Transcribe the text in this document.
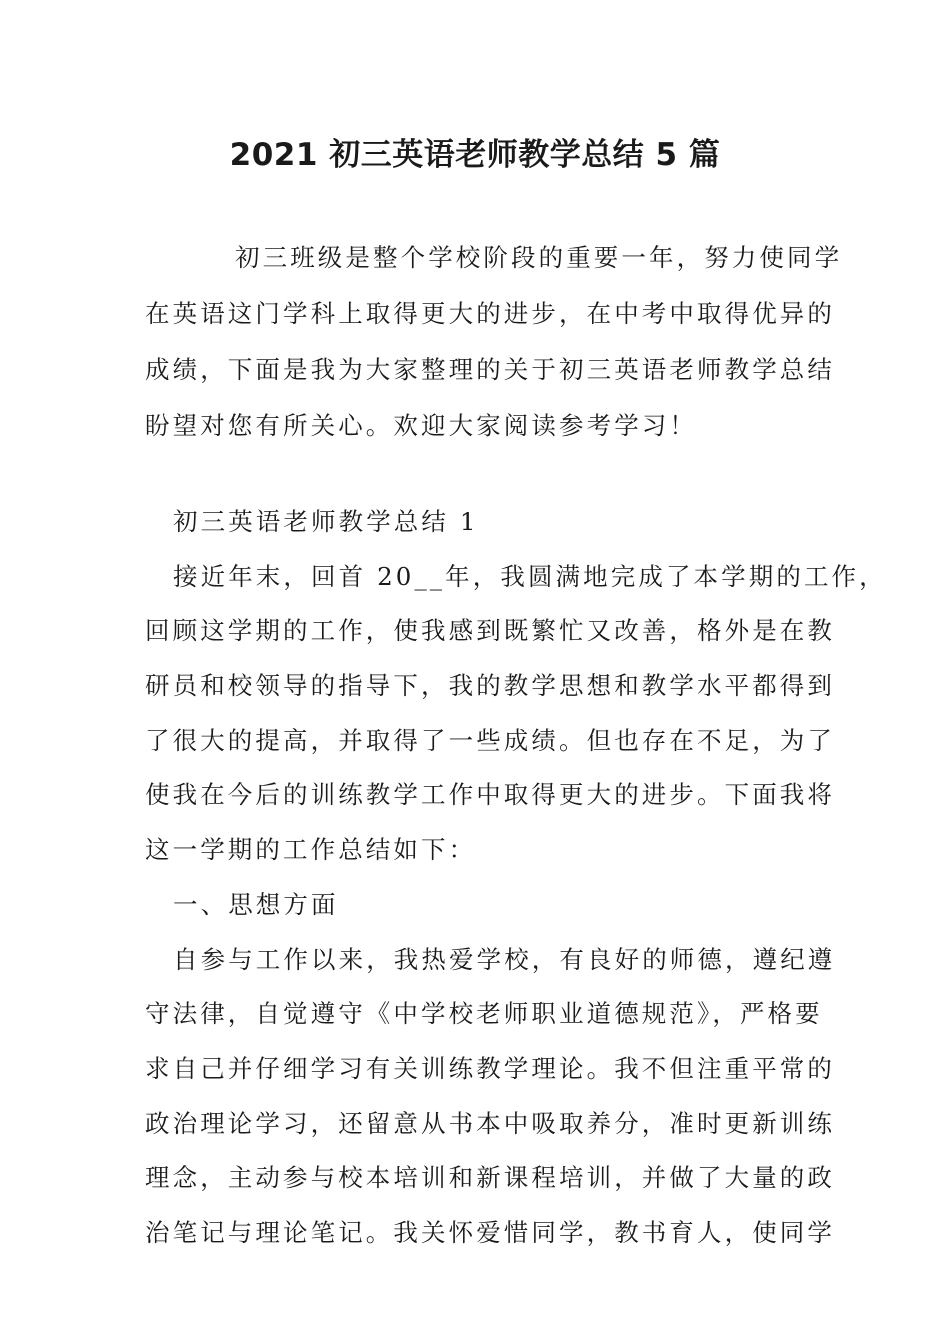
2021 初三英语老师教学总结 5 篇
初三班级是整个学校阶段的重要一年，努力使同学
在英语这门学科上取得更大的进步，在中考中取得优异的
成绩，下面是我为大家整理的关于初三英语老师教学总结
盼望对您有所关心。欢迎大家阅读参考学习！
初三英语老师教学总结 1
接近年末，回首 20__年，我圆满地完成了本学期的工作，
回顾这学期的工作，使我感到既繁忙又改善，格外是在教
研员和校领导的指导下，我的教学思想和教学水平都得到
了很大的提高，并取得了一些成绩。但也存在不足，为了
使我在今后的训练教学工作中取得更大的进步。下面我将
这一学期的工作总结如下：
一、思想方面
自参与工作以来，我热爱学校，有良好的师德，遵纪遵
守法律，自觉遵守《中学校老师职业道德规范》，严格要
求自己并仔细学习有关训练教学理论。我不但注重平常的
政治理论学习，还留意从书本中吸取养分，准时更新训练
理念，主动参与校本培训和新课程培训，并做了大量的政
治笔记与理论笔记。我关怀爱惜同学，教书育人，使同学
